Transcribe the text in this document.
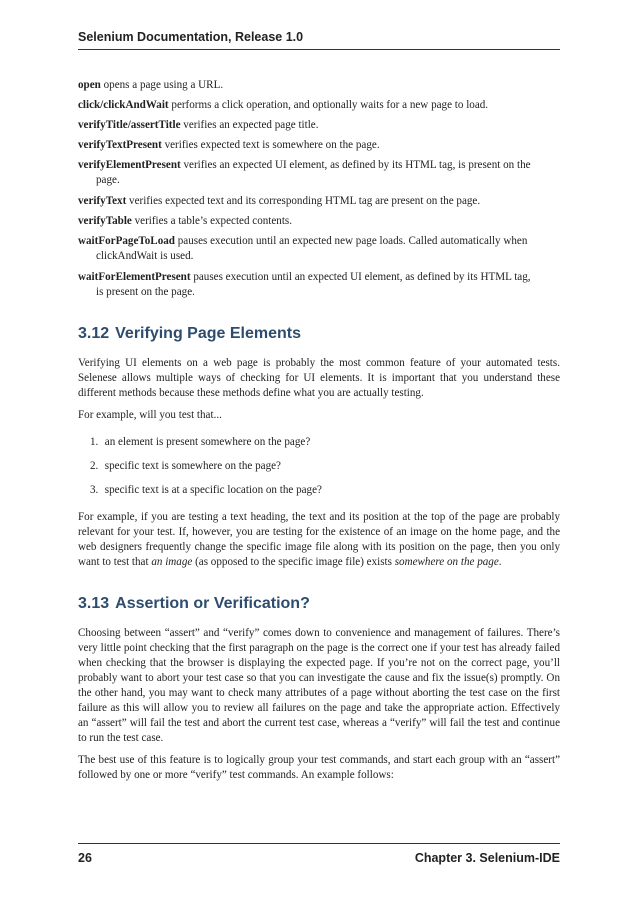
Selenium Documentation, Release 1.0
open opens a page using a URL.
click/clickAndWait performs a click operation, and optionally waits for a new page to load.
verifyTitle/assertTitle verifies an expected page title.
verifyTextPresent verifies expected text is somewhere on the page.
verifyElementPresent verifies an expected UI element, as defined by its HTML tag, is present on the
page.
verifyText verifies expected text and its corresponding HTML tag are present on the page.
verifyTable verifies a table’s expected contents.
waitForPageToLoad pauses execution until an expected new page loads. Called automatically when
clickAndWait is used.
waitForElementPresent pauses execution until an expected UI element, as defined by its HTML tag,
is present on the page.
3.12 Verifying Page Elements

Verifying UI elements on a web page is probably the most common feature of your automated tests. Selenese allows multiple ways of checking for UI elements. It is important that you understand these different methods because these methods define what you are actually testing.

For example, will you test that...

1. an element is present somewhere on the page?
2. specific text is somewhere on the page?
3. specific text is at a specific location on the page?

For example, if you are testing a text heading, the text and its position at the top of the page are probably relevant for your test. If, however, you are testing for the existence of an image on the home page, and the web designers frequently change the specific image file along with its position on the page, then you only want to test that an image (as opposed to the specific image file) exists somewhere on the page.

3.13 Assertion or Verification?

Choosing between “assert” and “verify” comes down to convenience and management of failures. There’s very little point checking that the first paragraph on the page is the correct one if your test has already failed when checking that the browser is displaying the expected page. If you’re not on the correct page, you’ll probably want to abort your test case so that you can investigate the cause and fix the issue(s) promptly. On the other hand, you may want to check many attributes of a page without aborting the test case on the first failure as this will allow you to review all failures on the page and take the appropriate action. Effectively an “assert” will fail the test and abort the current test case, whereas a “verify” will fail the test and continue to run the test case.

The best use of this feature is to logically group your test commands, and start each group with an “assert” followed by one or more “verify” test commands. An example follows:

26	Chapter 3. Selenium-IDE
